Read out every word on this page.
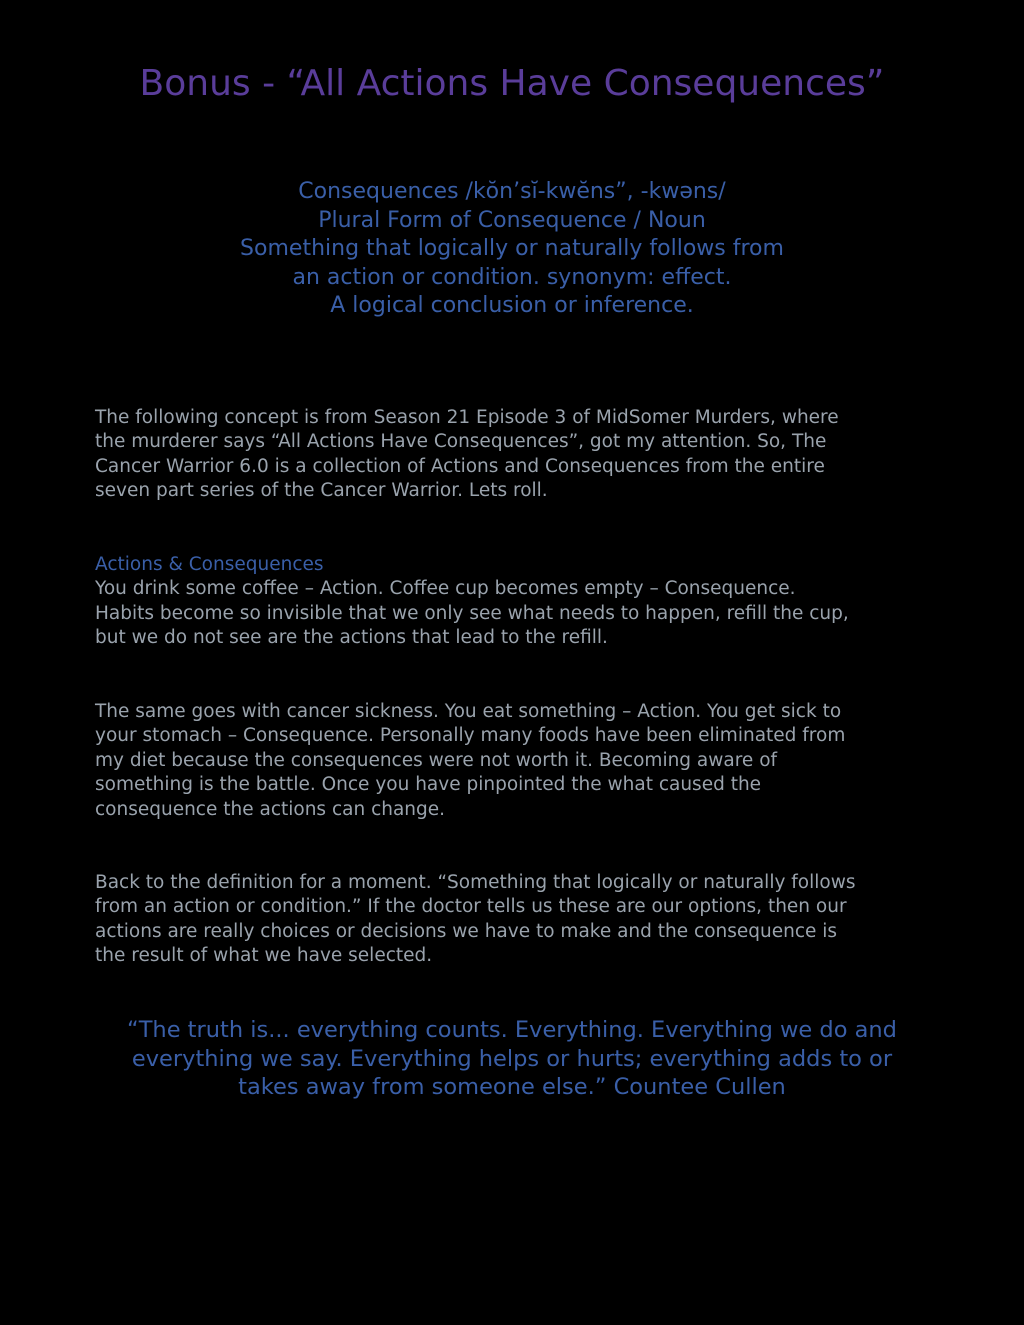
Bonus - “All Actions Have Consequences”
Consequences /kŏn’sĭ-kwĕns”, -kwəns/
Plural Form of Consequence / Noun
Something that logically or naturally follows from
an action or condition. synonym: effect.
A logical conclusion or inference.
The following concept is from Season 21 Episode 3 of MidSomer Murders, where
the murderer says “All Actions Have Consequences”, got my attention. So, The
Cancer Warrior 6.0 is a collection of Actions and Consequences from the entire
seven part series of the Cancer Warrior. Lets roll.
Actions & Consequences
You drink some coffee – Action. Coffee cup becomes empty – Consequence.
Habits become so invisible that we only see what needs to happen, refill the cup,
but we do not see are the actions that lead to the refill.
The same goes with cancer sickness. You eat something – Action. You get sick to
your stomach – Consequence. Personally many foods have been eliminated from
my diet because the consequences were not worth it. Becoming aware of
something is the battle. Once you have pinpointed the what caused the
consequence the actions can change.
Back to the definition for a moment. “Something that logically or naturally follows
from an action or condition.” If the doctor tells us these are our options, then our
actions are really choices or decisions we have to make and the consequence is
the result of what we have selected.
“The truth is... everything counts. Everything. Everything we do and
everything we say. Everything helps or hurts; everything adds to or
takes away from someone else.” Countee Cullen
